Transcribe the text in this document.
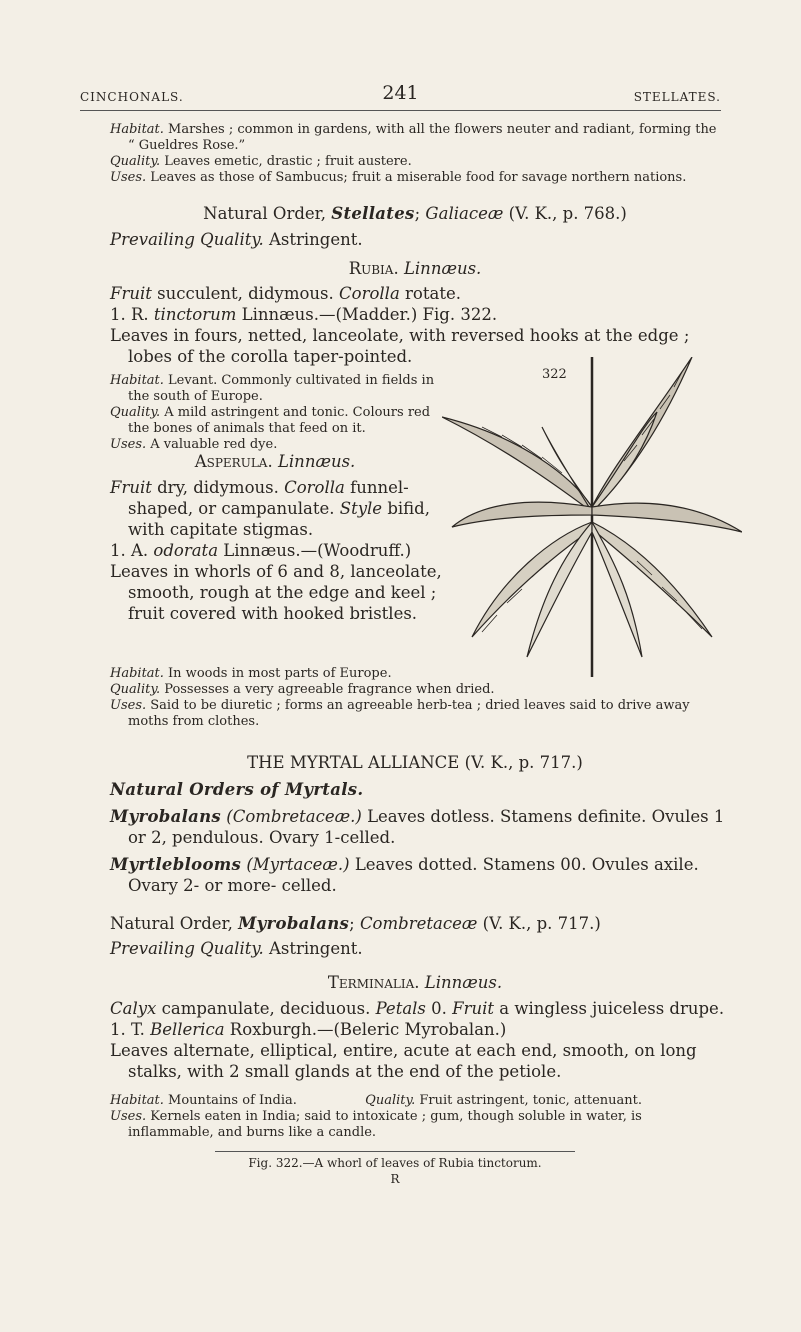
CINCHONALS.	241	STELLATES.
Habitat. Marshes ; common in gardens, with all the flowers neuter and radiant, forming the “ Gueldres Rose.”
Quality. Leaves emetic, drastic ; fruit austere.
Uses. Leaves as those of Sambucus; fruit a miserable food for savage northern nations.
Natural Order, Stellates; Galiaceæ (V. K., p. 768.)
Prevailing Quality. Astringent.
Rubia. Linnæus.
Fruit succulent, didymous. Corolla rotate.
1. R. tinctorum Linnæus.—(Madder.) Fig. 322.
Leaves in fours, netted, lanceolate, with reversed hooks at the edge ; lobes of the corolla taper-pointed.
Habitat. Levant. Commonly cultivated in fields in the south of Europe.
Quality. A mild astringent and tonic. Colours red the bones of animals that feed on it.
Uses. A valuable red dye.
322
Asperula. Linnæus.
Fruit dry, didymous. Corolla funnel-shaped, or campanulate. Style bifid, with capitate stigmas.
1. A. odorata Linnæus.—(Woodruff.)
Leaves in whorls of 6 and 8, lanceolate, smooth, rough at the edge and keel ; fruit covered with hooked bristles.
Habitat. In woods in most parts of Europe.
Quality. Possesses a very agreeable fragrance when dried.
Uses. Said to be diuretic ; forms an agreeable herb-tea ; dried leaves said to drive away moths from clothes.
THE MYRTAL ALLIANCE (V. K., p. 717.)
Natural Orders of Myrtals.
Myrobalans (Combretaceæ.) Leaves dotless. Stamens definite. Ovules 1 or 2, pendulous. Ovary 1-celled.
Myrtleblooms (Myrtaceæ.) Leaves dotted. Stamens 00. Ovules axile. Ovary 2- or more- celled.
Natural Order, Myrobalans; Combretaceæ (V. K., p. 717.)
Prevailing Quality. Astringent.
Terminalia. Linnæus.
Calyx campanulate, deciduous. Petals 0. Fruit a wingless juiceless drupe.
1. T. Bellerica Roxburgh.—(Beleric Myrobalan.)
Leaves alternate, elliptical, entire, acute at each end, smooth, on long stalks, with 2 small glands at the end of the petiole.
Habitat. Mountains of India.	Quality. Fruit astringent, tonic, attenuant.
Uses. Kernels eaten in India; said to intoxicate ; gum, though soluble in water, is inflammable, and burns like a candle.
Fig. 322.—A whorl of leaves of Rubia tinctorum.
R
